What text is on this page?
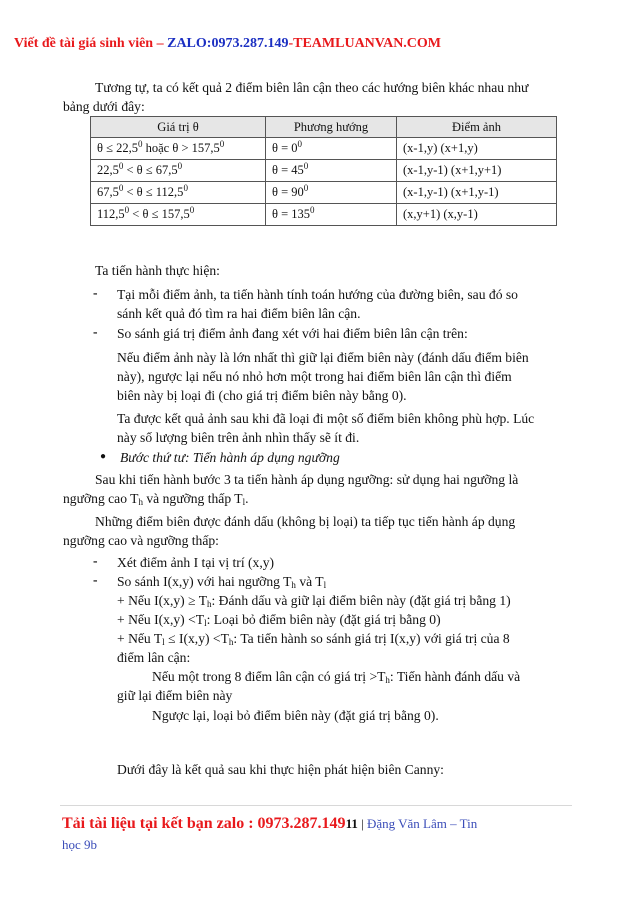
Viết đề tài giá sinh viên – ZALO:0973.287.149-TEAMLUANVAN.COM
Tương tự, ta có kết quả 2 điểm biên lân cận theo các hướng biên khác nhau như
bảng dưới đây:
Giá trị θ	Phương hướng	Điểm ảnh
$\theta \le 22,5^0$ hoặc $\theta > 157,5^0$	$\theta = 0^0$	(x-1,y) (x+1,y)
$22,5^0 < \theta \le 67,5^0$	$\theta = 45^0$	(x-1,y-1) (x+1,y+1)
$67,5^0 < \theta \le 112,5^0$	$\theta = 90^0$	(x-1,y-1) (x+1,y-1)
$112,5^0 < \theta \le 157,5^0$	$\theta = 135^0$	(x,y+1) (x,y-1)
Ta tiến hành thực hiện:
- Tại mỗi điểm ảnh, ta tiến hành tính toán hướng của đường biên, sau đó so
sánh kết quả đó tìm ra hai điểm biên lân cận.
- So sánh giá trị điểm ảnh đang xét với hai điểm biên lân cận trên:
Nếu điểm ảnh này là lớn nhất thì giữ lại điểm biên này (đánh dấu điểm biên
này), ngược lại nếu nó nhỏ hơn một trong hai điểm biên lân cận thì điểm
biên này bị loại đi (cho giá trị điểm biên này bằng 0).
Ta được kết quả ảnh sau khi đã loại đi một số điểm biên không phù hợp. Lúc
này số lượng biên trên ảnh nhìn thấy sẽ ít đi.
● Bước thứ tư: Tiến hành áp dụng ngưỡng
Sau khi tiến hành bước 3 ta tiến hành áp dụng ngưỡng: sử dụng hai ngưỡng là
ngưỡng cao $T_h$ và ngưỡng thấp $T_l$.
Những điểm biên được đánh dấu (không bị loại) ta tiếp tục tiến hành áp dụng
ngưỡng cao và ngưỡng thấp:
- Xét điểm ảnh I tại vị trí (x,y)
- So sánh I(x,y) với hai ngưỡng $T_h$ và $T_l$
+ Nếu $I(x,y) \ge T_h$: Đánh dấu và giữ lại điểm biên này (đặt giá trị bằng 1)
+ Nếu $I(x,y) <T_l$: Loại bỏ điểm biên này (đặt giá trị bằng 0)
+ Nếu $T_l \le I(x,y) <T_h$: Ta tiến hành so sánh giá trị I(x,y) với giá trị của 8
điểm lân cận:
Nếu một trong 8 điểm lân cận có giá trị $>T_h$: Tiến hành đánh dấu và
giữ lại điểm biên này
Ngược lại, loại bỏ điểm biên này (đặt giá trị bằng 0).
Dưới đây là kết quả sau khi thực hiện phát hiện biên Canny:
Tải tài liệu tại kết bạn zalo : 0973.287.14911 | Đặng Văn Lâm – Tin
học 9b
